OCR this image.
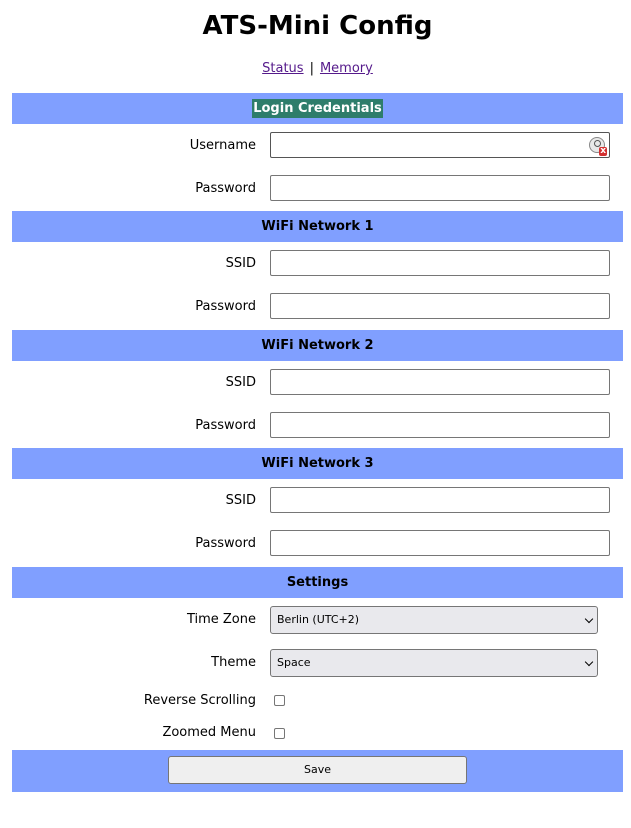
ATS-Mini Config
Status | Memory
Login Credentials
Username
x
Password
WiFi Network 1
SSID
Password
WiFi Network 2
SSID
Password
WiFi Network 3
SSID
Password
Settings
Time Zone	Berlin (UTC+2)
Theme	Space
Reverse Scrolling
Zoomed Menu
Save
